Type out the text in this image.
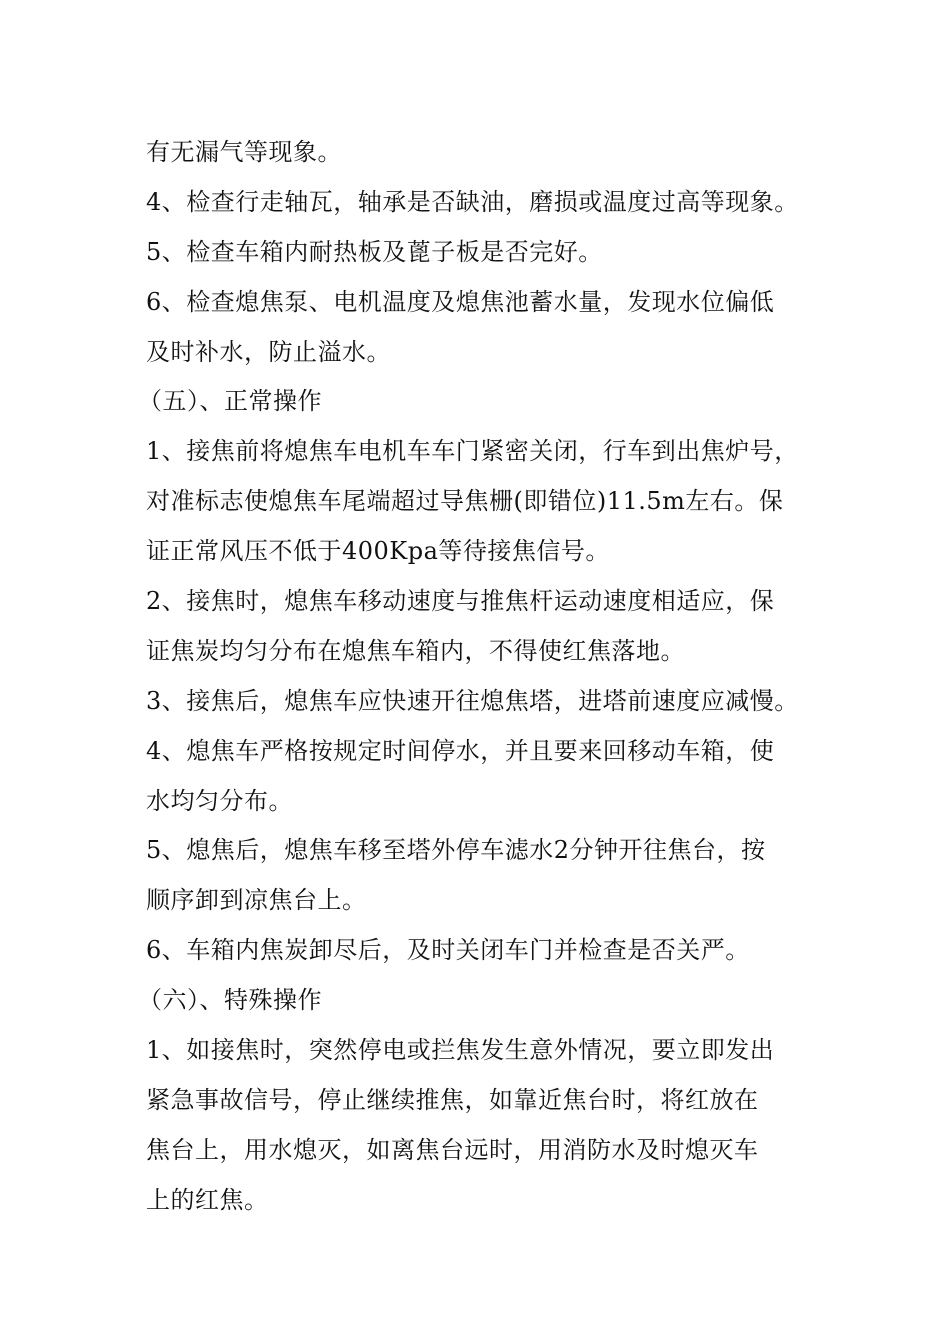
有无漏气等现象。
4、检查行走轴瓦，轴承是否缺油，磨损或温度过高等现象。
5、检查车箱内耐热板及蓖子板是否完好。
6、检查熄焦泵、电机温度及熄焦池蓄水量，发现水位偏低
及时补水，防止溢水。
（五）、正常操作
1、接焦前将熄焦车电机车车门紧密关闭，行车到出焦炉号，
对准标志使熄焦车尾端超过导焦栅(即错位)11.5m左右。保
证正常风压不低于400Kpa等待接焦信号。
2、接焦时，熄焦车移动速度与推焦杆运动速度相适应，保
证焦炭均匀分布在熄焦车箱内，不得使红焦落地。
3、接焦后，熄焦车应快速开往熄焦塔，进塔前速度应减慢。
4、熄焦车严格按规定时间停水，并且要来回移动车箱，使
水均匀分布。
5、熄焦后，熄焦车移至塔外停车滤水2分钟开往焦台，按
顺序卸到凉焦台上。
6、车箱内焦炭卸尽后，及时关闭车门并检查是否关严。
（六）、特殊操作
1、如接焦时，突然停电或拦焦发生意外情况，要立即发出
紧急事故信号，停止继续推焦，如靠近焦台时，将红放在
焦台上，用水熄灭，如离焦台远时，用消防水及时熄灭车
上的红焦。
